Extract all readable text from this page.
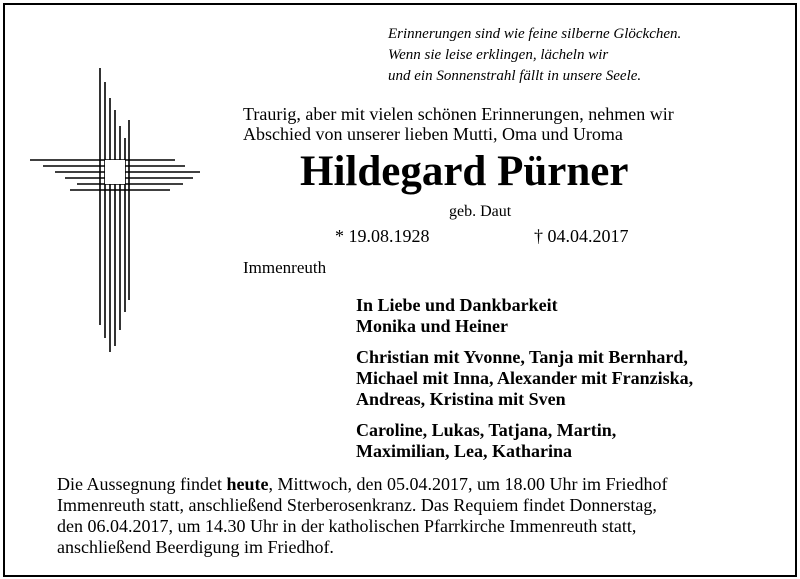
Erinnerungen sind wie feine silberne Glöckchen.
Wenn sie leise erklingen, lächeln wir
und ein Sonnenstrahl fällt in unsere Seele.
Traurig, aber mit vielen schönen Erinnerungen, nehmen wir
Abschied von unserer lieben Mutti, Oma und Uroma
Hildegard Pürner
geb. Daut
* 19.08.1928	† 04.04.2017
Immenreuth
In Liebe und Dankbarkeit
Monika und Heiner
Christian mit Yvonne, Tanja mit Bernhard,
Michael mit Inna, Alexander mit Franziska,
Andreas, Kristina mit Sven
Caroline, Lukas, Tatjana, Martin,
Maximilian, Lea, Katharina
Die Aussegnung findet heute, Mittwoch, den 05.04.2017, um 18.00 Uhr im Friedhof
Immenreuth statt, anschließend Sterberosenkranz. Das Requiem findet Donnerstag,
den 06.04.2017, um 14.30 Uhr in der katholischen Pfarrkirche Immenreuth statt,
anschließend Beerdigung im Friedhof.
